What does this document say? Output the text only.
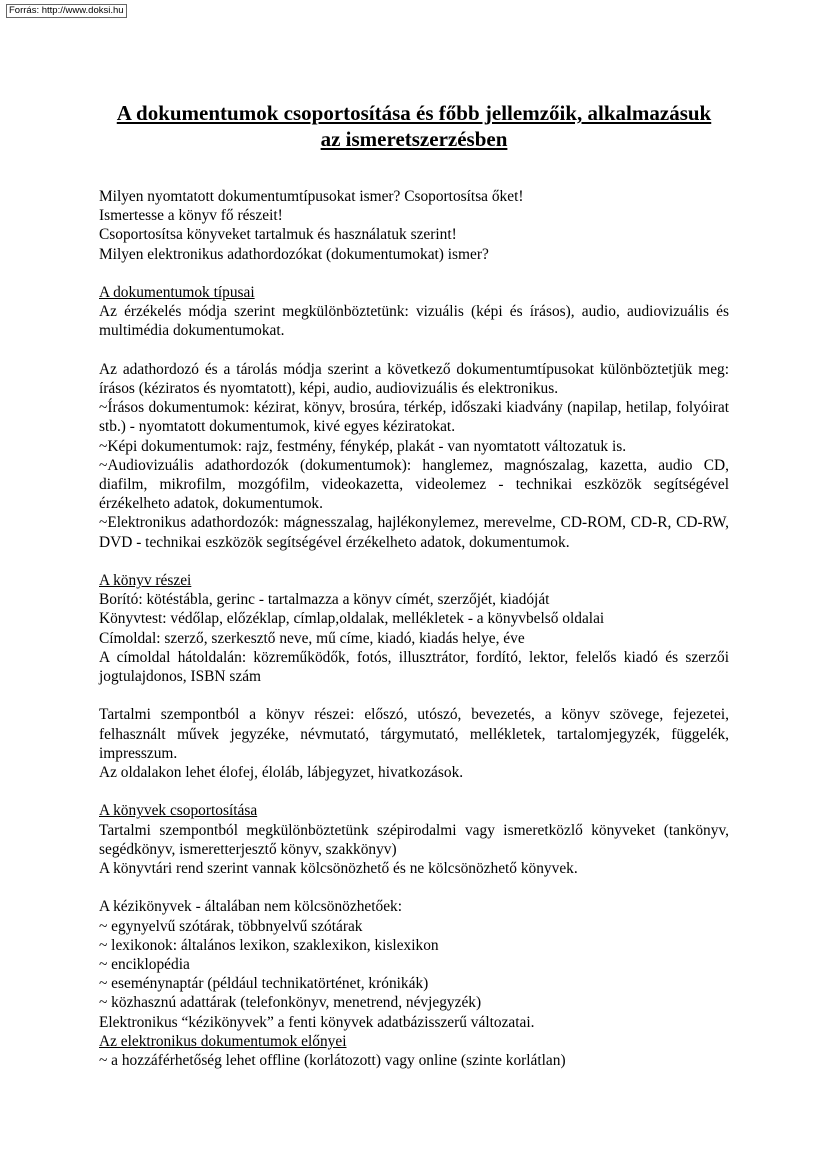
Forrás: http://www.doksi.hu
A dokumentumok csoportosítása és főbb jellemzőik, alkalmazásuk
az ismeretszerzésben

Milyen nyomtatott dokumentumtípusokat ismer? Csoportosítsa őket!

Ismertesse a könyv fő részeit!

Csoportosítsa könyveket tartalmuk és használatuk szerint!

Milyen elektronikus adathordozókat (dokumentumokat) ismer?

A dokumentumok típusai

Az érzékelés módja szerint megkülönböztetünk: vizuális (képi és írásos), audio, audiovizuális és multimédia dokumentumokat.

Az adathordozó és a tárolás módja szerint a következő dokumentumtípusokat különböztetjük meg: írásos (kéziratos és nyomtatott), képi, audio, audiovizuális és elektronikus.

~Írásos dokumentumok: kézirat, könyv, brosúra, térkép, időszaki kiadvány (napilap, hetilap, folyóirat stb.) - nyomtatott dokumentumok, kivé egyes kéziratokat.

~Képi dokumentumok: rajz, festmény, fénykép, plakát - van nyomtatott változatuk is.

~Audiovizuális adathordozók (dokumentumok): hanglemez, magnószalag, kazetta, audio CD, diafilm, mikrofilm, mozgófilm, videokazetta, videolemez - technikai eszközök segítségével érzékelheto adatok, dokumentumok.

~Elektronikus adathordozók: mágnesszalag, hajlékonylemez, merevelme, CD-ROM, CD-R, CD-RW, DVD - technikai eszközök segítségével érzékelheto adatok, dokumentumok.

A könyv részei

Borító: kötéstábla, gerinc - tartalmazza a könyv címét, szerzőjét, kiadóját

Könyvtest: védőlap, előzéklap, címlap,oldalak, mellékletek - a könyvbelső oldalai

Címoldal: szerző, szerkesztő neve, mű címe, kiadó, kiadás helye, éve

A címoldal hátoldalán: közreműködők, fotós, illusztrátor, fordító, lektor, felelős kiadó és szerzői jogtulajdonos, ISBN szám

Tartalmi szempontból a könyv részei: előszó, utószó, bevezetés, a könyv szövege, fejezetei, felhasznált művek jegyzéke, névmutató, tárgymutató, mellékletek, tartalomjegyzék, függelék, impresszum.

Az oldalakon lehet élofej, éloláb, lábjegyzet, hivatkozások.

A könyvek csoportosítása

Tartalmi szempontból megkülönböztetünk szépirodalmi vagy ismeretközlő könyveket (tankönyv, segédkönyv, ismeretterjesztő könyv, szakkönyv)

A könyvtári rend szerint vannak kölcsönözhető és ne kölcsönözhető könyvek.

A kézikönyvek - általában nem kölcsönözhetőek:

~ egynyelvű szótárak, többnyelvű szótárak

~ lexikonok: általános lexikon, szaklexikon, kislexikon

~ enciklopédia

~ eseménynaptár (például technikatörténet, krónikák)

~ közhasznú adattárak (telefonkönyv, menetrend, névjegyzék)

Elektronikus “kézikönyvek” a fenti könyvek adatbázisszerű változatai.

Az elektronikus dokumentumok előnyei

~ a hozzáférhetőség lehet offline (korlátozott) vagy online (szinte korlátlan)
